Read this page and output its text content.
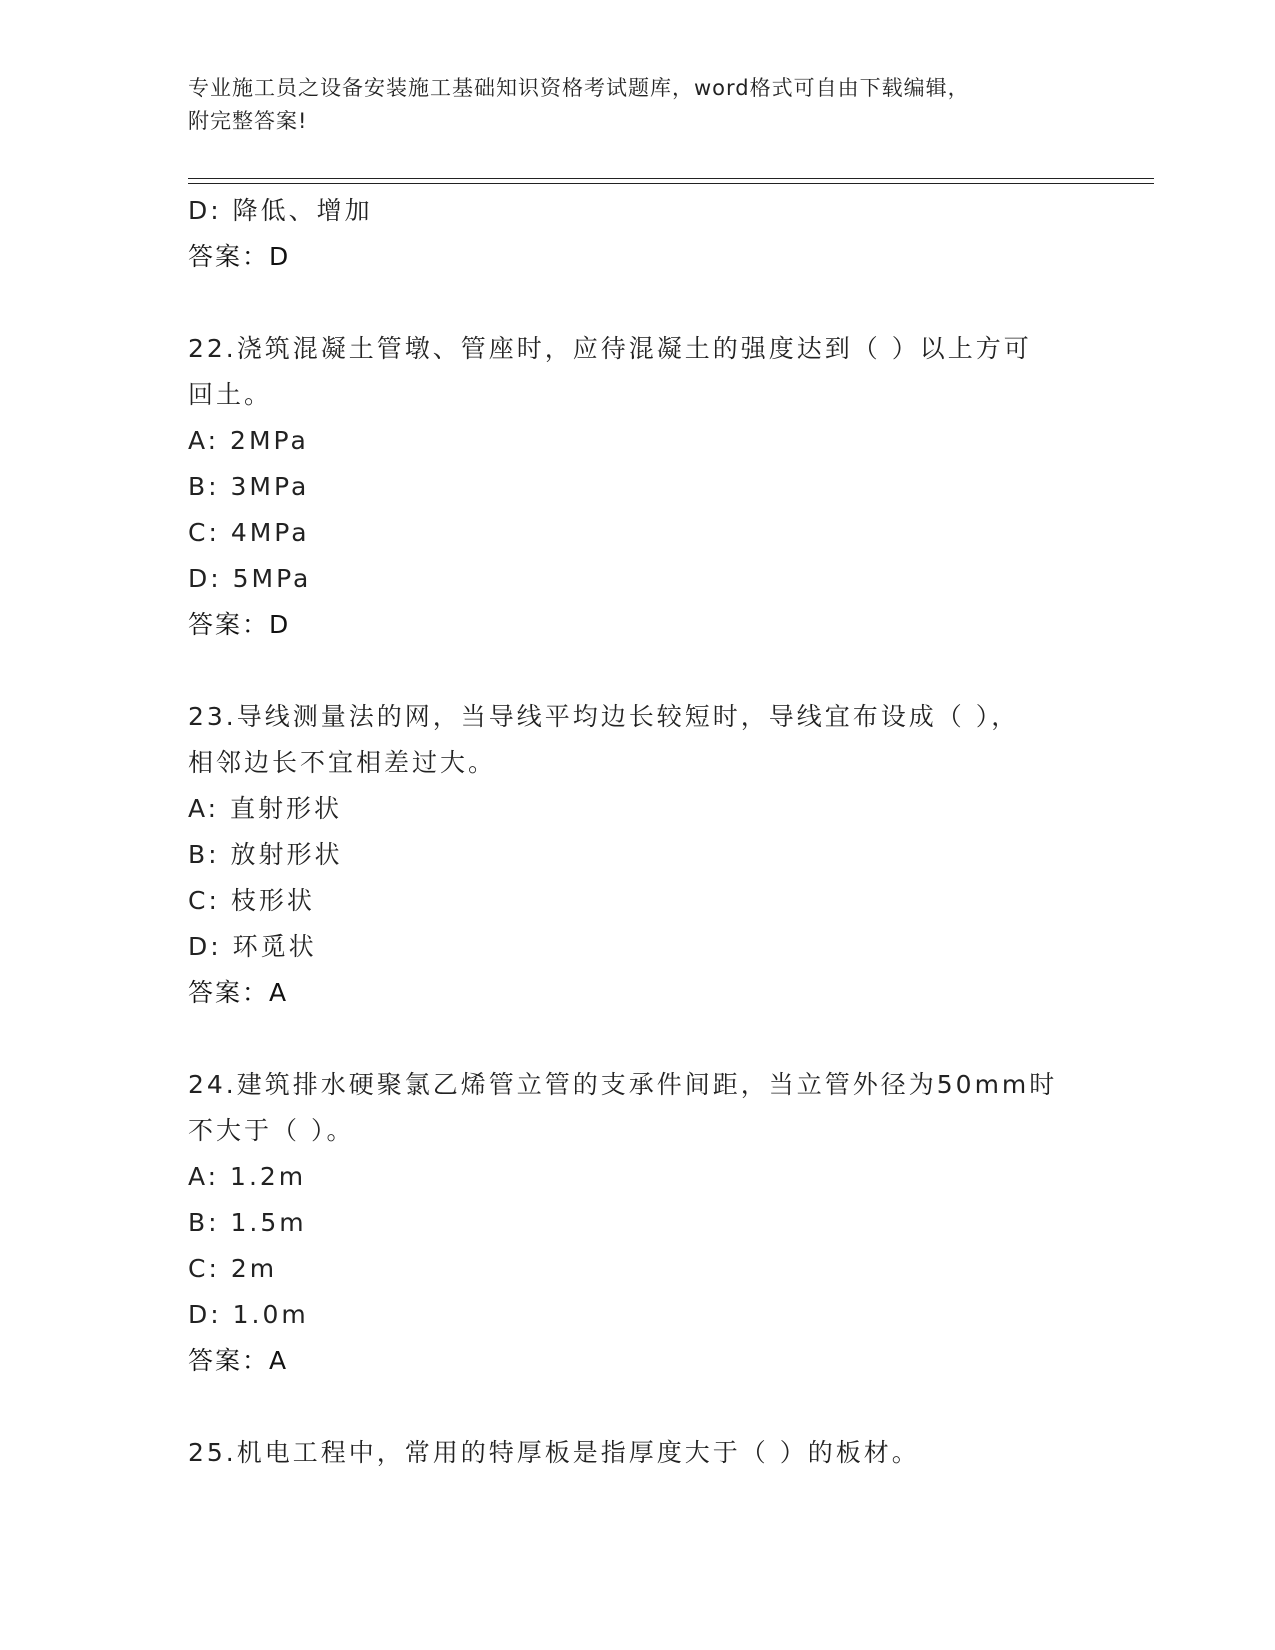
专业施工员之设备安装施工基础知识资格考试题库，word格式可自由下载编辑，
附完整答案!
D: 降低、增加
答案：D
22.浇筑混凝土管墩、管座时，应待混凝土的强度达到（ ）以上方可
回土。
A: 2MPa
B: 3MPa
C: 4MPa
D: 5MPa
答案：D
23.导线测量法的网，当导线平均边长较短时，导线宜布设成（ ），
相邻边长不宜相差过大。
A: 直射形状
B: 放射形状
C: 枝形状
D: 环觅状
答案：A
24.建筑排水硬聚氯乙烯管立管的支承件间距，当立管外径为50mm时
不大于（ ）。
A: 1.2m
B: 1.5m
C: 2m
D: 1.0m
答案：A
25.机电工程中，常用的特厚板是指厚度大于（ ）的板材。
